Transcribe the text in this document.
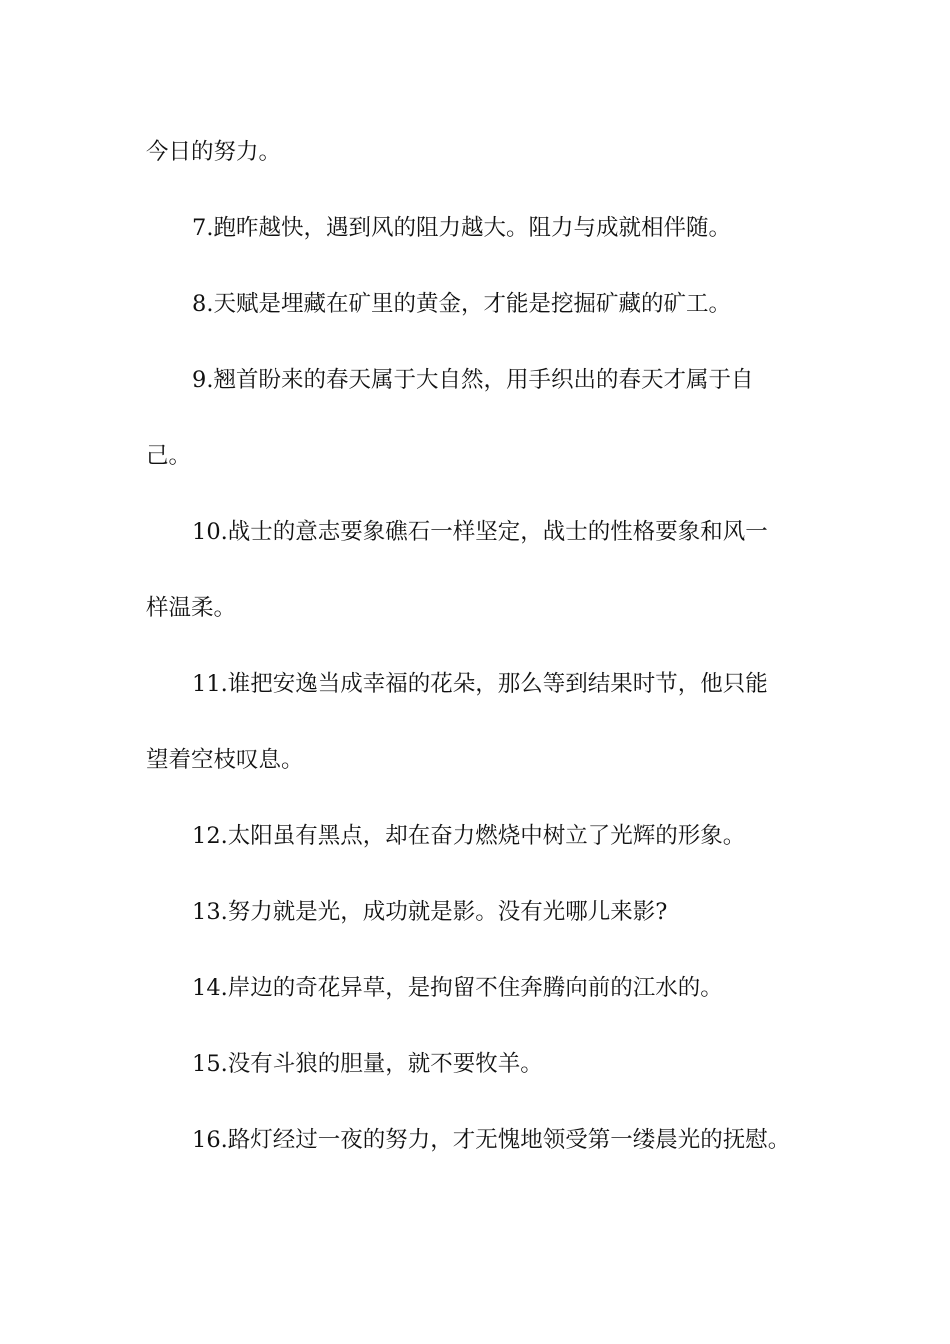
今日的努力。

7.跑昨越快，遇到风的阻力越大。阻力与成就相伴随。

8.天赋是埋藏在矿里的黄金，才能是挖掘矿藏的矿工。

9.翘首盼来的春天属于大自然，用手织出的春天才属于自

己。

10.战士的意志要象礁石一样坚定，战士的性格要象和风一

样温柔。

11.谁把安逸当成幸福的花朵，那么等到结果时节，他只能

望着空枝叹息。

12.太阳虽有黑点，却在奋力燃烧中树立了光辉的形象。

13.努力就是光，成功就是影。没有光哪儿来影?

14.岸边的奇花异草，是拘留不住奔腾向前的江水的。

15.没有斗狼的胆量，就不要牧羊。

16.路灯经过一夜的努力，才无愧地领受第一缕晨光的抚慰。
